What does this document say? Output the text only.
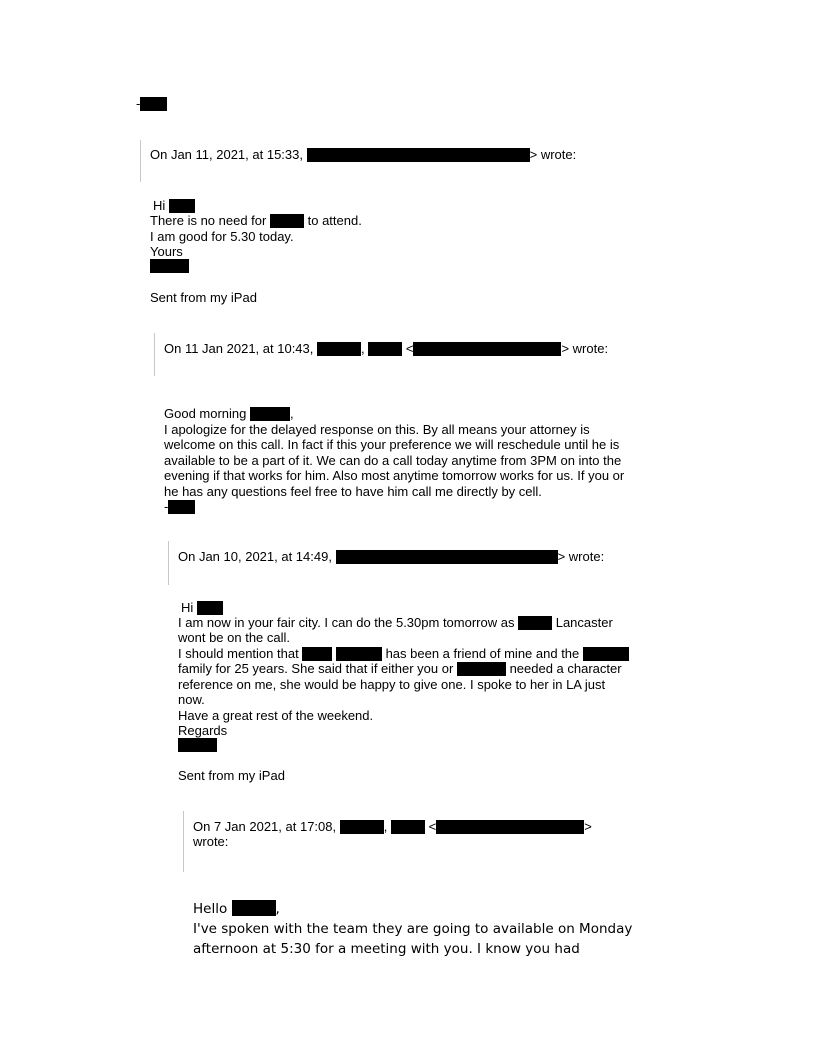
-
On Jan 11, 2021, at 15:33,	> wrote:
Hi
There is no need for	to attend.
I am good for 5.30 today.
Yours
Sent from my iPad
On 11 Jan 2021, at 10:43,	,	<	> wrote:
Good morning	,
I apologize for the delayed response on this. By all means your attorney is
welcome on this call. In fact if this your preference we will reschedule until he is
available to be a part of it. We can do a call today anytime from 3PM on into the
evening if that works for him. Also most anytime tomorrow works for us. If you or
he has any questions feel free to have him call me directly by cell.
-
On Jan 10, 2021, at 14:49,	> wrote:
Hi
I am now in your fair city. I can do the 5.30pm tomorrow as	Lancaster
wont be on the call.
I should mention that	has been a friend of mine and the
family for 25 years. She said that if either you or	needed a character
reference on me, she would be happy to give one. I spoke to her in LA just
now.
Have a great rest of the weekend.
Regards
Sent from my iPad
On 7 Jan 2021, at 17:08,	,	<	>
wrote:
Hello	,
I've spoken with the team they are going to available on Monday
afternoon at 5:30 for a meeting with you. I know you had
